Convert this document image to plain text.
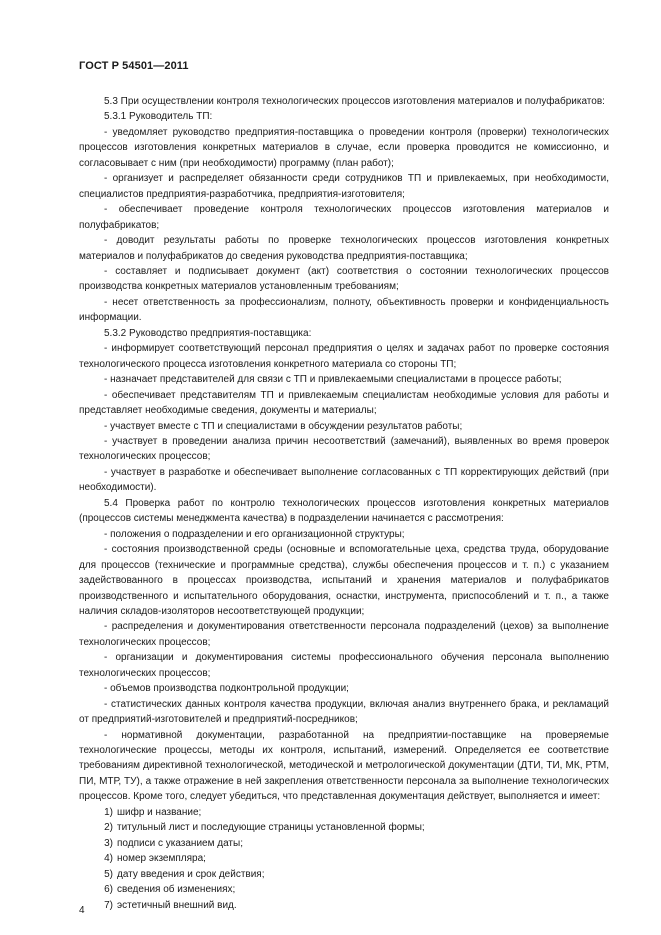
ГОСТ Р 54501—2011

5.3 При осуществлении контроля технологических процессов изготовления материалов и полуфабрикатов:

5.3.1 Руководитель ТП:

- уведомляет руководство предприятия-поставщика о проведении контроля (проверки) технологических процессов изготовления конкретных материалов в случае, если проверка проводится не комиссионно, и согласовывает с ним (при необходимости) программу (план работ);

- организует и распределяет обязанности среди сотрудников ТП и привлекаемых, при необходимости, специалистов предприятия-разработчика, предприятия-изготовителя;

- обеспечивает проведение контроля технологических процессов изготовления материалов и полуфабрикатов;

- доводит результаты работы по проверке технологических процессов изготовления конкретных материалов и полуфабрикатов до сведения руководства предприятия-поставщика;

- составляет и подписывает документ (акт) соответствия о состоянии технологических процессов производства конкретных материалов установленным требованиям;

- несет ответственность за профессионализм, полноту, объективность проверки и конфиденциальность информации.

5.3.2 Руководство предприятия-поставщика:

- информирует соответствующий персонал предприятия о целях и задачах работ по проверке состояния технологического процесса изготовления конкретного материала со стороны ТП;

- назначает представителей для связи с ТП и привлекаемыми специалистами в процессе работы;

- обеспечивает представителям ТП и привлекаемым специалистам необходимые условия для работы и представляет необходимые сведения, документы и материалы;

- участвует вместе с ТП и специалистами в обсуждении результатов работы;

- участвует в проведении анализа причин несоответствий (замечаний), выявленных во время проверок технологических процессов;

- участвует в разработке и обеспечивает выполнение согласованных с ТП корректирующих действий (при необходимости).

5.4 Проверка работ по контролю технологических процессов изготовления конкретных материалов (процессов системы менеджмента качества) в подразделении начинается с рассмотрения:

- положения о подразделении и его организационной структуры;

- состояния производственной среды (основные и вспомогательные цеха, средства труда, оборудование для процессов (технические и программные средства), службы обеспечения процессов и т. п.) с указанием задействованного в процессах производства, испытаний и хранения материалов и полуфабрикатов производственного и испытательного оборудования, оснастки, инструмента, приспособлений и т. п., а также наличия складов-изоляторов несоответствующей продукции;

- распределения и документирования ответственности персонала подразделений (цехов) за выполнение технологических процессов;

- организации и документирования системы профессионального обучения персонала выполнению технологических процессов;

- объемов производства подконтрольной продукции;

- статистических данных контроля качества продукции, включая анализ внутреннего брака, и рекламаций от предприятий-изготовителей и предприятий-посредников;

- нормативной документации, разработанной на предприятии-поставщике на проверяемые технологические процессы, методы их контроля, испытаний, измерений. Определяется ее соответствие требованиям директивной технологической, методической и метрологической документации (ДТИ, ТИ, МК, РТМ, ПИ, МТР, ТУ), а также отражение в ней закрепления ответственности персонала за выполнение технологических процессов. Кроме того, следует убедиться, что представленная документация действует, выполняется и имеет:

1) шифр и название;

2) титульный лист и последующие страницы установленной формы;

3) подписи с указанием даты;

4) номер экземпляра;

5) дату введения и срок действия;

6) сведения об изменениях;

7) эстетичный внешний вид.

4
